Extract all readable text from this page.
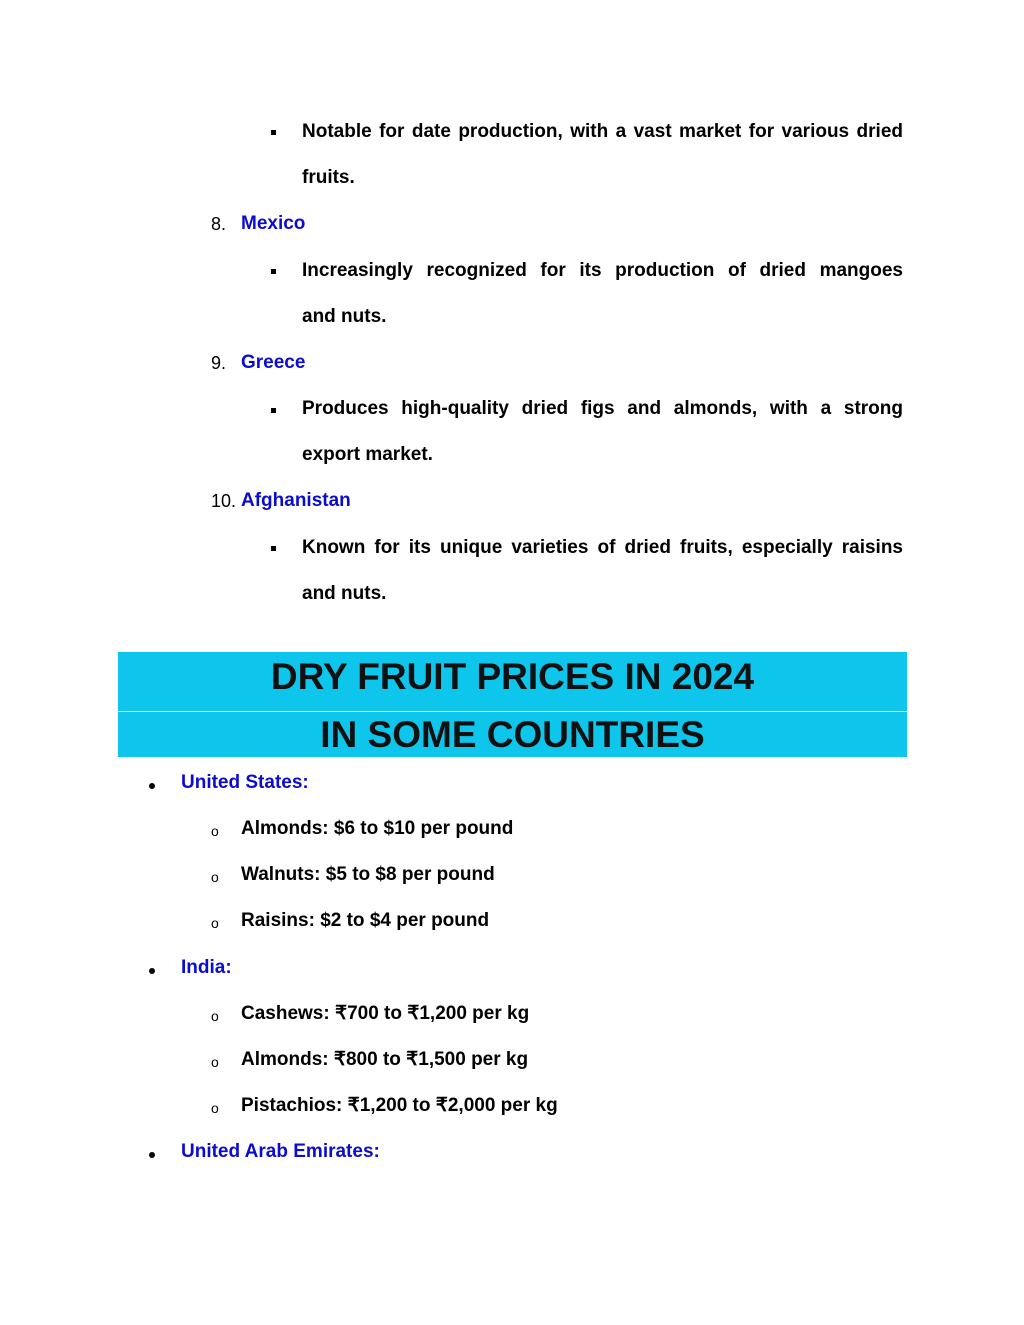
Notable for date production, with a vast market for various dried
fruits.
8. Mexico
Increasingly recognized for its production of dried mangoes
and nuts.
9. Greece
Produces high-quality dried figs and almonds, with a strong
export market.
10. Afghanistan
Known for its unique varieties of dried fruits, especially raisins
and nuts.
DRY FRUIT PRICES IN 2024
IN SOME COUNTRIES
United States:
o Almonds: $6 to $10 per pound
o Walnuts: $5 to $8 per pound
o Raisins: $2 to $4 per pound
India:
o Cashews: ₹700 to ₹1,200 per kg
o Almonds: ₹800 to ₹1,500 per kg
o Pistachios: ₹1,200 to ₹2,000 per kg
United Arab Emirates:
